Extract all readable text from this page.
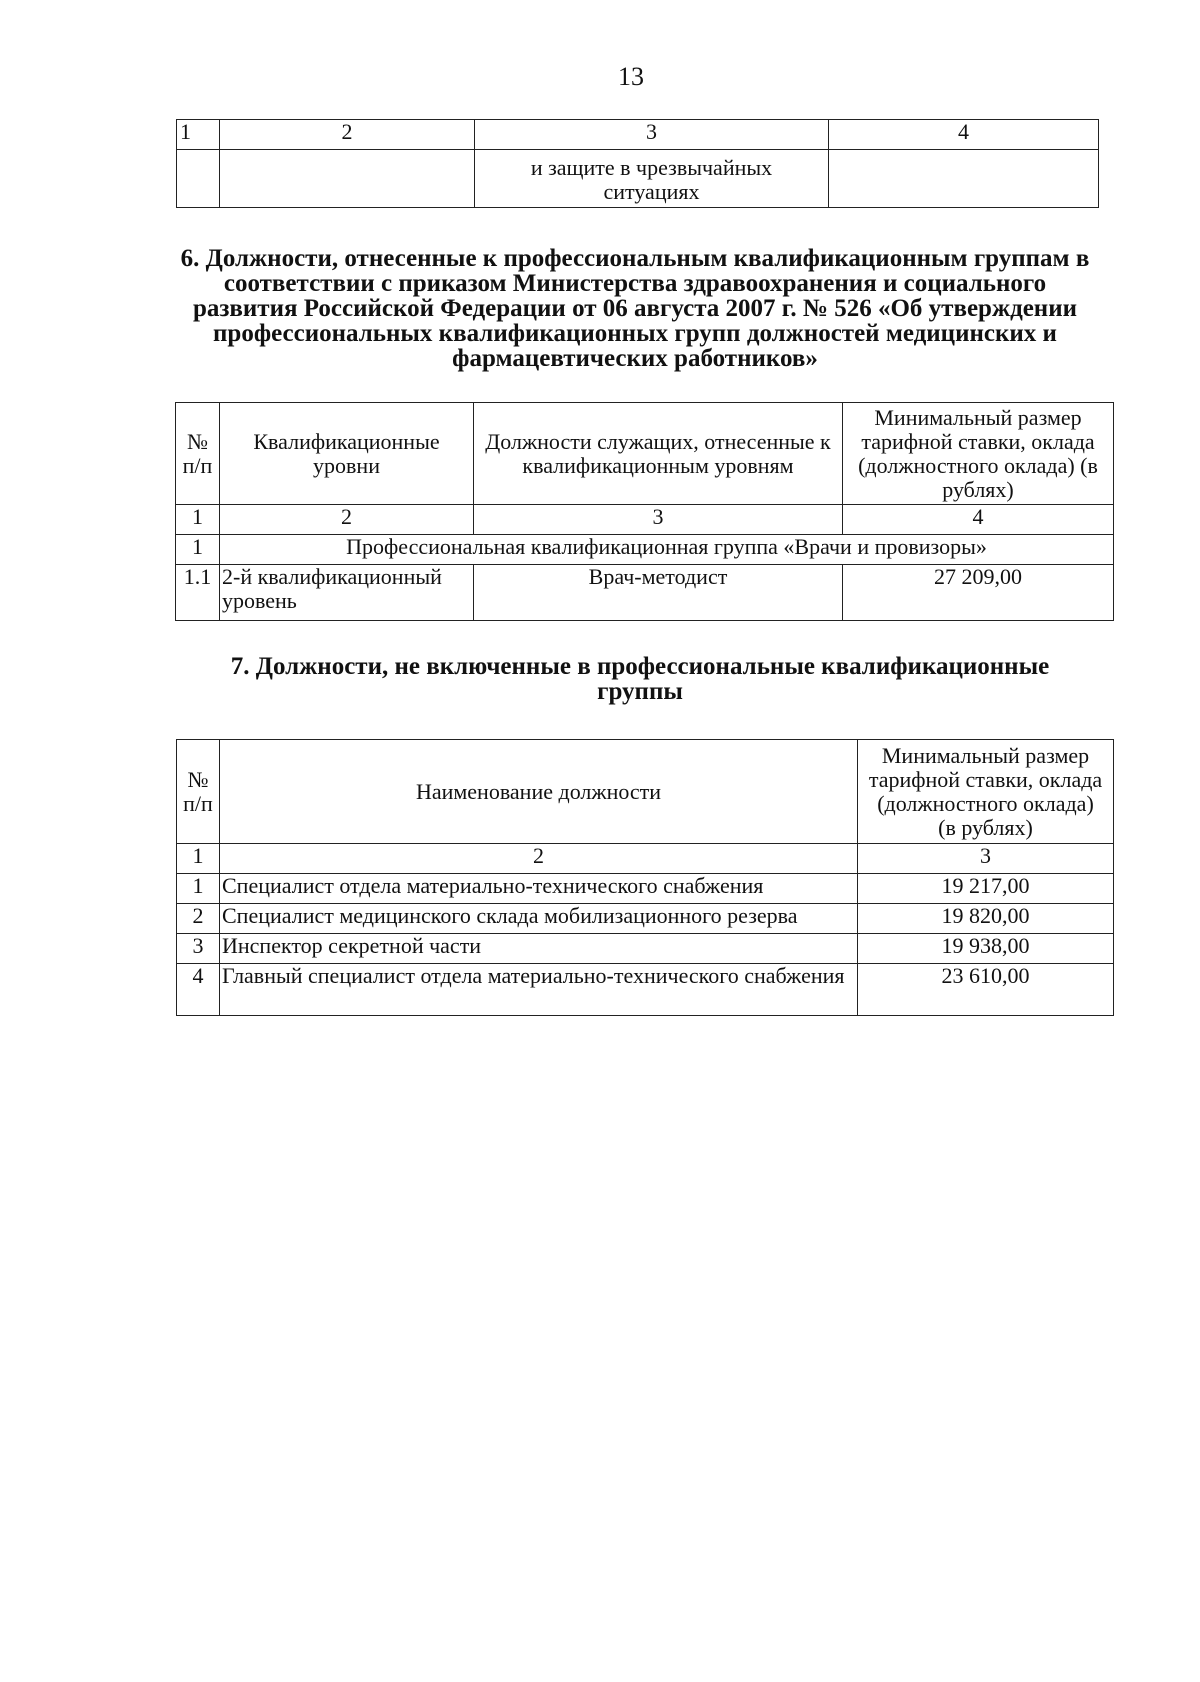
13
1	2	3	4
		и защите в чрезвычайных ситуациях	
6. Должности, отнесенные к профессиональным квалификационным группам в соответствии с приказом Министерства здравоохранения и социального развития Российской Федерации от 06 августа 2007 г. № 526 «Об утверждении профессиональных квалификационных групп должностей медицинских и фармацевтических работников»
№ п/п	Квалификационные уровни	Должности служащих, отнесенные к квалификационным уровням	Минимальный размер тарифной ставки, оклада (должностного оклада) (в рублях)
1	2	3	4
1	Профессиональная квалификационная группа «Врачи и провизоры»		
1.1	2-й квалификационный уровень	Врач-методист	27 209,00
7. Должности, не включенные в профессиональные квалификационные группы
№ п/п	Наименование должности	Минимальный размер тарифной ставки, оклада (должностного оклада) (в рублях)
1	2	3
1	Специалист отдела материально-технического снабжения	19 217,00
2	Специалист медицинского склада мобилизационного резерва	19 820,00
3	Инспектор секретной части	19 938,00
4	Главный специалист отдела материально-технического снабжения	23 610,00
